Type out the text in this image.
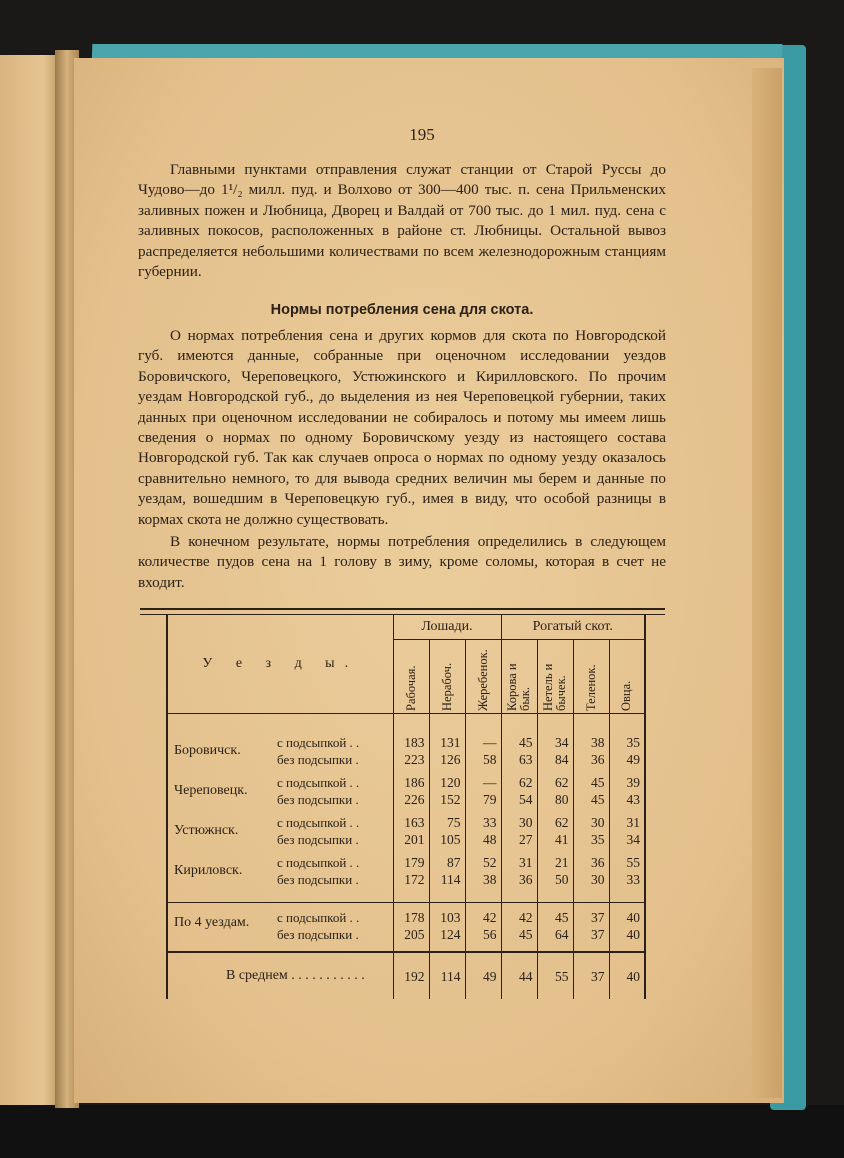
195

Главными пунктами отправления служат станции от Старой Руссы до Чудово—до 1¹/₂ милл. пуд. и Волхово от 300—400 тыс. п. сена Прильменских заливных пожен и Любница, Дворец и Валдай от 700 тыс. до 1 мил. пуд. сена с заливных покосов, расположенных в районе ст. Любницы. Остальной вывоз распределяется небольшими количествами по всем железнодорожным станциям губернии.

Нормы потребления сена для скота.

О нормах потребления сена и других кормов для скота по Новгородской губ. имеются данные, собранные при оценочном исследовании уездов Боровичского, Череповецкого, Устюжинского и Кирилловского. По прочим уездам Новгородской губ., до выделения из нея Череповецкой губернии, таких данных при оценочном исследовании не собиралось и потому мы имеем лишь сведения о нормах по одному Боровичскому уезду из настоящего состава Новгородской губ. Так как случаев опроса о нормах по одному уезду оказалось сравнительно немного, то для вывода средних величин мы берем и данные по уездам, вошедшим в Череповецкую губ., имея в виду, что особой разницы в кормах скота не должно существовать.

В конечном результате, нормы потребления определились в следующем количестве пудов сена на 1 голову в зиму, кроме соломы, которая в счет не входит.

У е з д ы.		Лошади.			Рогатый скот.			

		Рабочая.	Нерабоч.	Жеребенок.	Корова и бык.	Нетель и бычек.	Теленок.	Овца.

Боровичск.	с подсыпкой . .	183	131	—	45	34	38	35
	без подсыпки .	223	126	58	63	84	36	49

Череповецк.	с подсыпкой . .	186	120	—	62	62	45	39
	без подсыпки .	226	152	79	54	80	45	43

Устюжнск.	с подсыпкой . .	163	75	33	30	62	30	31
	без подсыпки .	201	105	48	27	41	35	34

Кириловск.	с подсыпкой . .	179	87	52	31	21	36	55
	без подсыпки .	172	114	38	36	50	30	33

По 4 уездам.	с подсыпкой . .	178	103	42	42	45	37	40
	без подсыпки .	205	124	56	45	64	37	40

В среднем . . . . . . . . . . .		192	114	49	44	55	37	40
